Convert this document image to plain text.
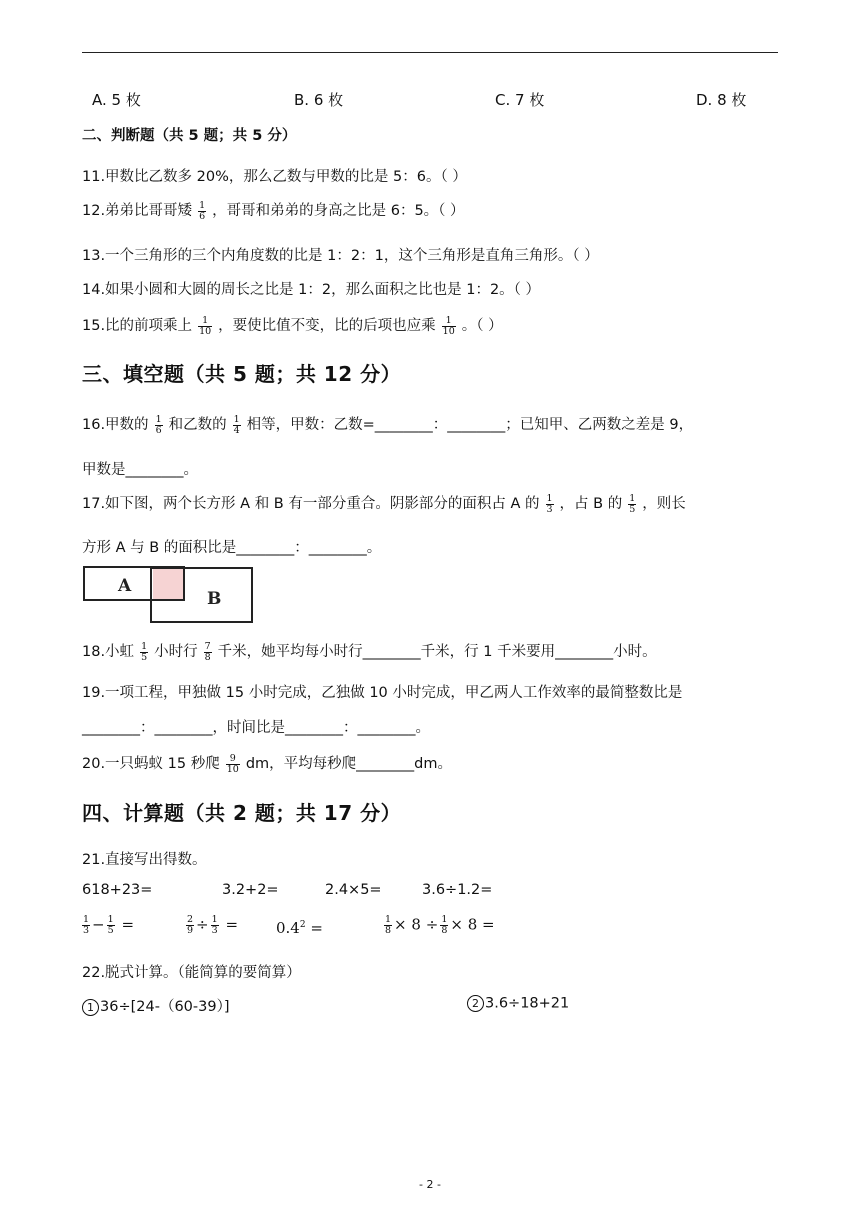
A. 5 枚	B. 6 枚	C. 7 枚	D. 8 枚
二、判断题（共 5 题；共 5 分）
11.甲数比乙数多 20%，那么乙数与甲数的比是 5：6。（ ）
12.弟弟比哥哥矮 $\frac{1}{6}$ ，哥哥和弟弟的身高之比是 6：5。（ ）
13.一个三角形的三个内角度数的比是 1：2：1，这个三角形是直角三角形。（ ）
14.如果小圆和大圆的周长之比是 1：2，那么面积之比也是 1：2。（ ）
15.比的前项乘上 $\frac{1}{10}$ ，要使比值不变，比的后项也应乘 $\frac{1}{10}$ 。（ ）
三、填空题（共 5 题；共 12 分）
16.甲数的 $\frac{1}{6}$ 和乙数的 $\frac{1}{4}$ 相等，甲数：乙数=________：________；已知甲、乙两数之差是 9，
甲数是________。
17.如下图，两个长方形 A 和 B 有一部分重合。阴影部分的面积占 A 的 $\frac{1}{3}$ ，占 B 的 $\frac{1}{5}$ ，则长
方形 A 与 B 的面积比是________：________。
A
B
18.小虹 $\frac{1}{5}$ 小时行 $\frac{7}{8}$ 千米，她平均每小时行________千米，行 1 千米要用________小时。
19.一项工程，甲独做 15 小时完成，乙独做 10 小时完成，甲乙两人工作效率的最简整数比是
________：________，时间比是________：________。
20.一只蚂蚁 15 秒爬 $\frac{9}{10}$ dm，平均每秒爬________dm。
四、计算题（共 2 题；共 17 分）
21.直接写出得数。
618+23=	3.2+2=	2.4×5=	3.6÷1.2=
$\frac{1}{3} - \frac{1}{5}$ =	$\frac{2}{9} \div \frac{1}{3}$ =	$0.4^2$ =	$\frac{1}{8} \times 8 \div \frac{1}{8} \times 8$ =
22.脱式计算。（能简算的要简算）
1 36÷[24-（60-39）]	2 3.6÷18+21
- 2 -
